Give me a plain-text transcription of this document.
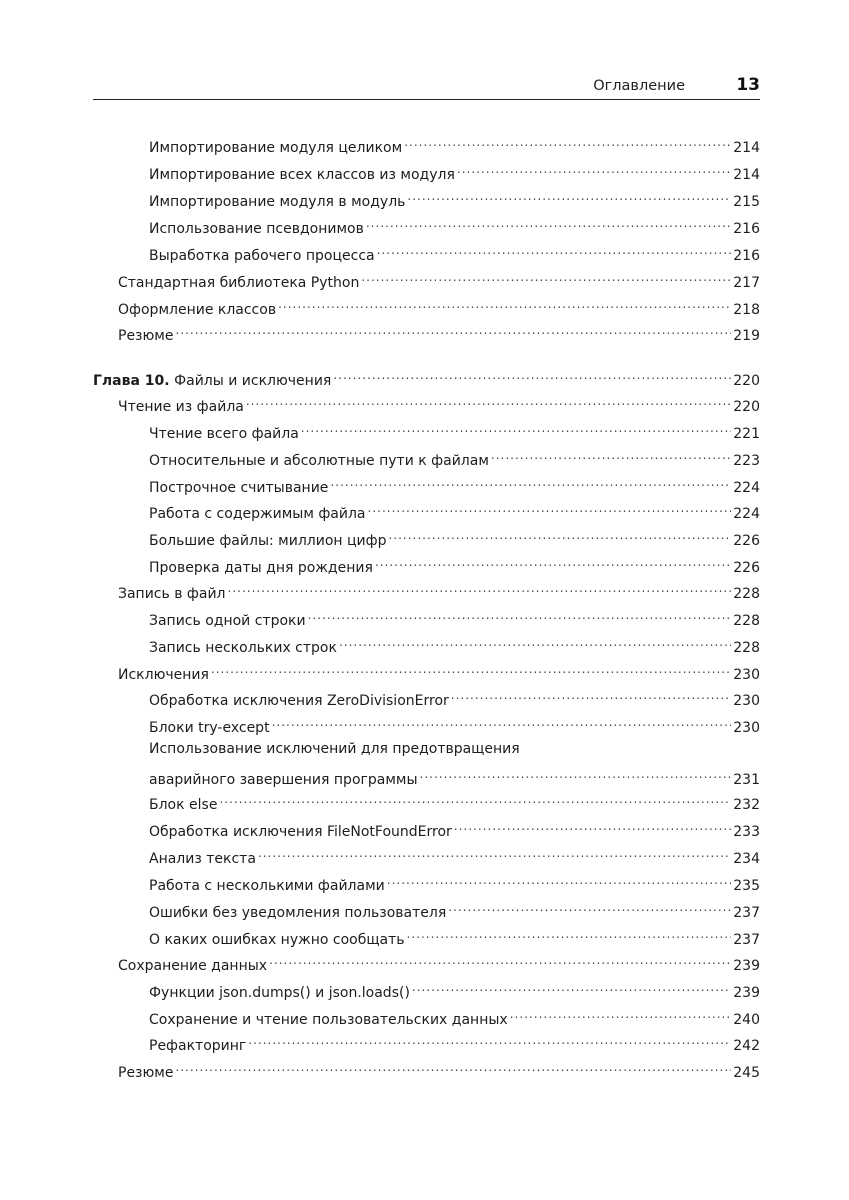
Оглавление	13
Импортирование модуля целиком .....	214
Импортирование всех классов из модуля .....	214
Импортирование модуля в модуль .....	215
Использование псевдонимов .....	216
Выработка рабочего процесса .....	216
Стандартная библиотека Python .....	217
Оформление классов .....	218
Резюме .....	219
Глава 10. Файлы и исключения .....	220
Чтение из файла .....	220
Чтение всего файла .....	221
Относительные и абсолютные пути к файлам .....	223
Построчное считывание .....	224
Работа с содержимым файла .....	224
Большие файлы: миллион цифр .....	226
Проверка даты дня рождения .....	226
Запись в файл .....	228
Запись одной строки .....	228
Запись нескольких строк .....	228
Исключения .....	230
Обработка исключения ZeroDivisionError .....	230
Блоки try-except .....	230
Использование исключений для предотвращения
аварийного завершения программы .....	231
Блок else .....	232
Обработка исключения FileNotFoundError .....	233
Анализ текста .....	234
Работа с несколькими файлами .....	235
Ошибки без уведомления пользователя .....	237
О каких ошибках нужно сообщать .....	237
Сохранение данных .....	239
Функции json.dumps() и json.loads() .....	239
Сохранение и чтение пользовательских данных .....	240
Рефакторинг .....	242
Резюме .....	245
